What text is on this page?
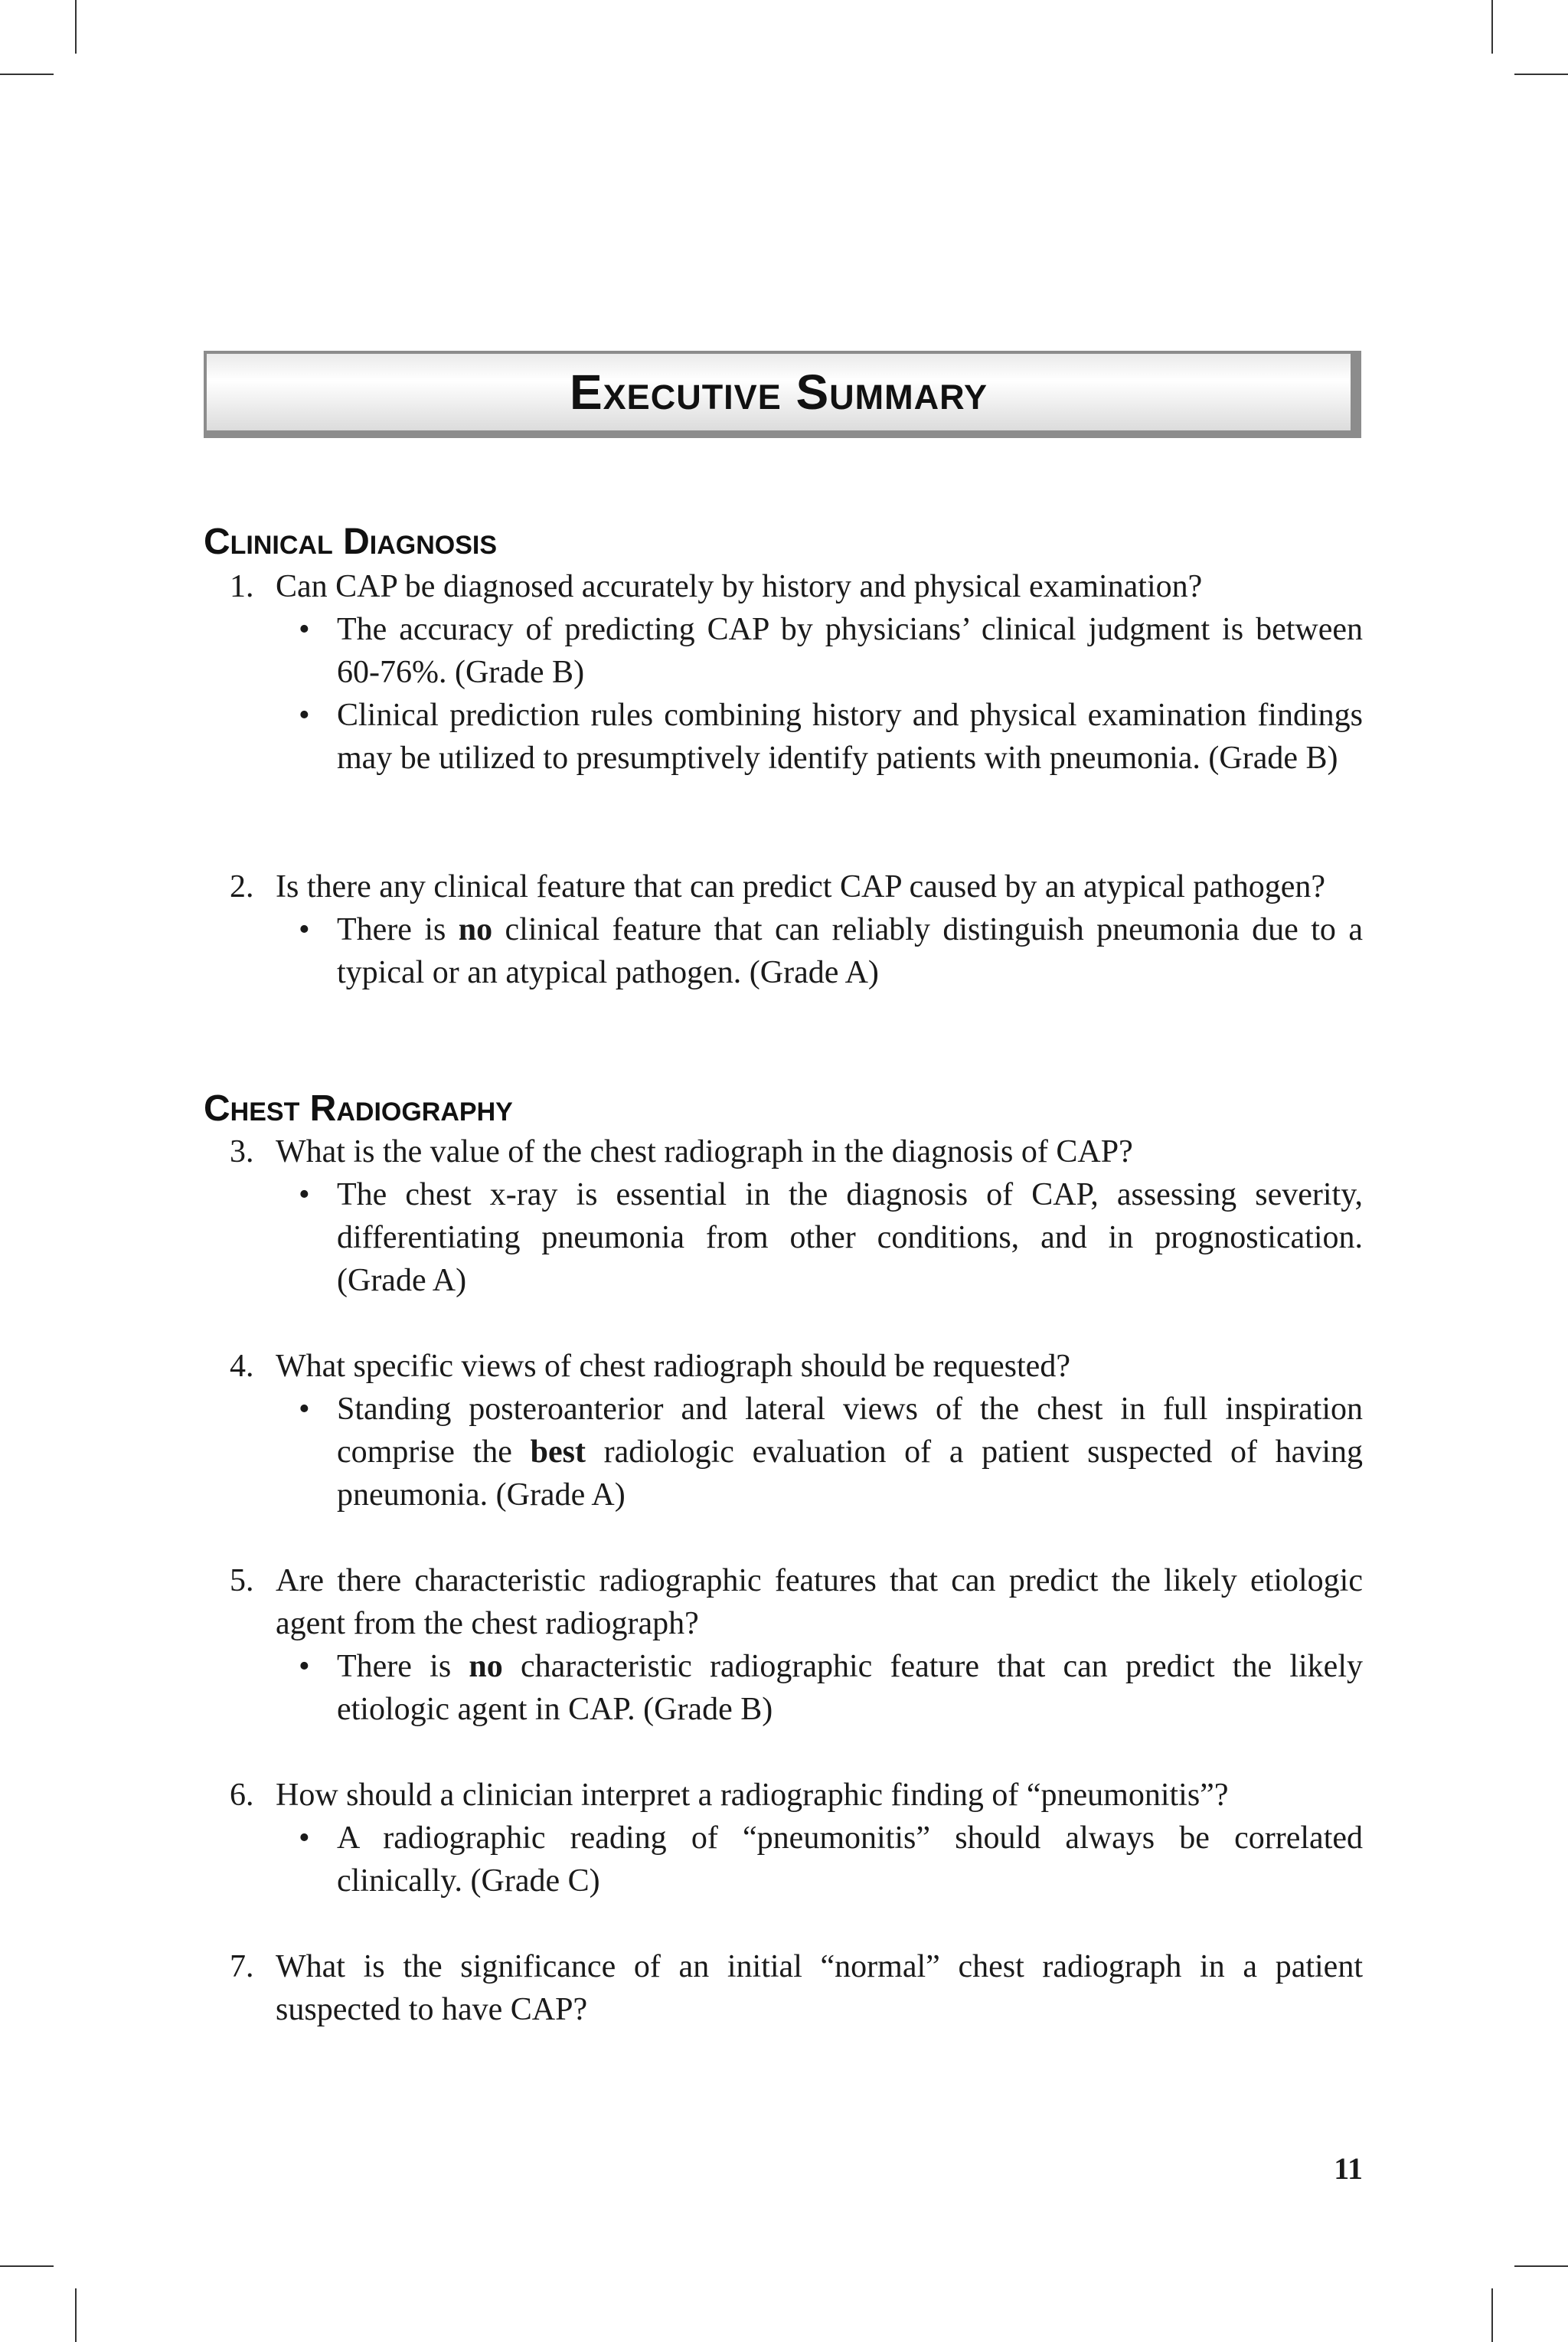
Executive Summary
Clinical Diagnosis
1. Can CAP be diagnosed accurately by history and physical examination?
• The accuracy of predicting CAP by physicians’ clinical judgment is between 60-76%. (Grade B)
• Clinical prediction rules combining history and physical examination findings may be utilized to presumptively identify patients with pneumonia. (Grade B)
2. Is there any clinical feature that can predict CAP caused by an atypical pathogen?
• There is no clinical feature that can reliably distinguish pneumonia due to a typical or an atypical pathogen. (Grade A)
Chest Radiography
3. What is the value of the chest radiograph in the diagnosis of CAP?
• The chest x-ray is essential in the diagnosis of CAP, assessing severity, differentiating pneumonia from other conditions, and in prognostication. (Grade A)
4. What specific views of chest radiograph should be requested?
• Standing posteroanterior and lateral views of the chest in full inspiration comprise the best radiologic evaluation of a patient suspected of having pneumonia. (Grade A)
5. Are there characteristic radiographic features that can predict the likely etiologic agent from the chest radiograph?
• There is no characteristic radiographic feature that can predict the likely etiologic agent in CAP. (Grade B)
6. How should a clinician interpret a radiographic finding of “pneumonitis”?
• A radiographic reading of “pneumonitis” should always be correlated clinically. (Grade C)
7. What is the significance of an initial “normal” chest radiograph in a patient suspected to have CAP?
11
